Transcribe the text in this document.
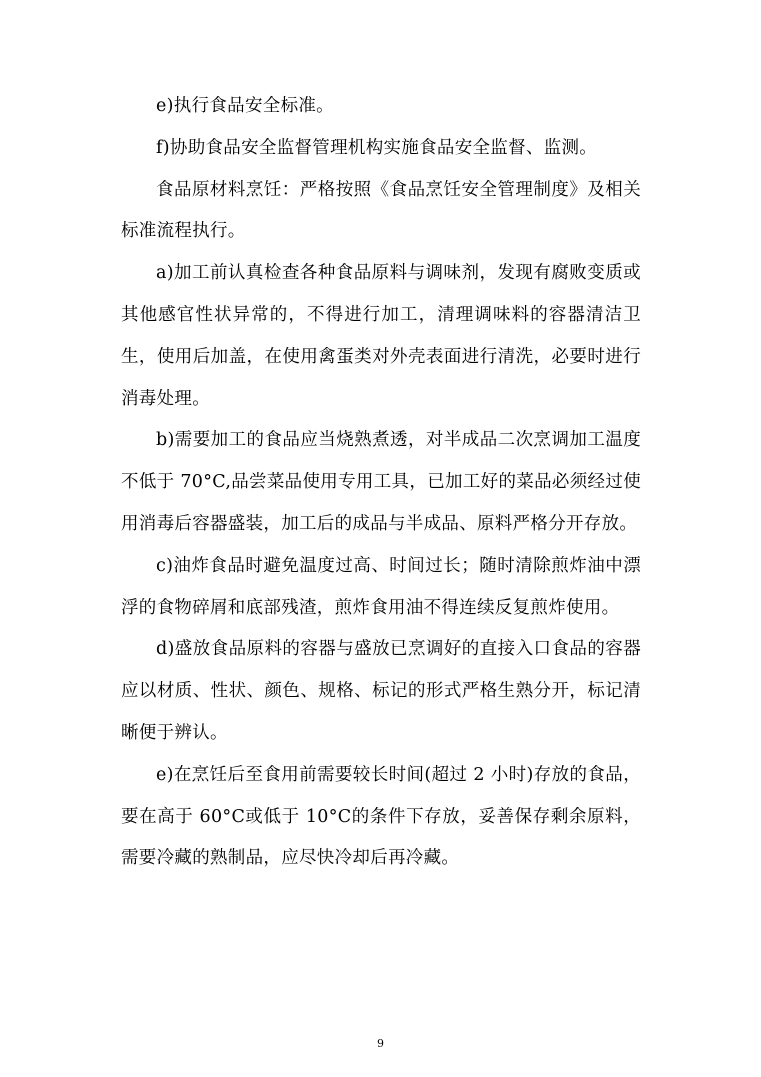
e)执行食品安全标准。

f)协助食品安全监督管理机构实施食品安全监督、监测。

食品原材料烹饪：严格按照《食品烹饪安全管理制度》及相关标准流程执行。

a)加工前认真检查各种食品原料与调味剂，发现有腐败变质或其他感官性状异常的，不得进行加工，清理调味料的容器清洁卫生，使用后加盖，在使用禽蛋类对外壳表面进行清洗，必要时进行消毒处理。

b)需要加工的食品应当烧熟煮透，对半成品二次烹调加工温度不低于 70°C,品尝菜品使用专用工具，已加工好的菜品必须经过使用消毒后容器盛装，加工后的成品与半成品、原料严格分开存放。

c)油炸食品时避免温度过高、时间过长；随时清除煎炸油中漂浮的食物碎屑和底部残渣，煎炸食用油不得连续反复煎炸使用。

d)盛放食品原料的容器与盛放已烹调好的直接入口食品的容器应以材质、性状、颜色、规格、标记的形式严格生熟分开，标记清晰便于辨认。

e)在烹饪后至食用前需要较长时间(超过 2 小时)存放的食品，要在高于 60°C或低于 10°C的条件下存放，妥善保存剩余原料，需要冷藏的熟制品，应尽快冷却后再冷藏。

9
